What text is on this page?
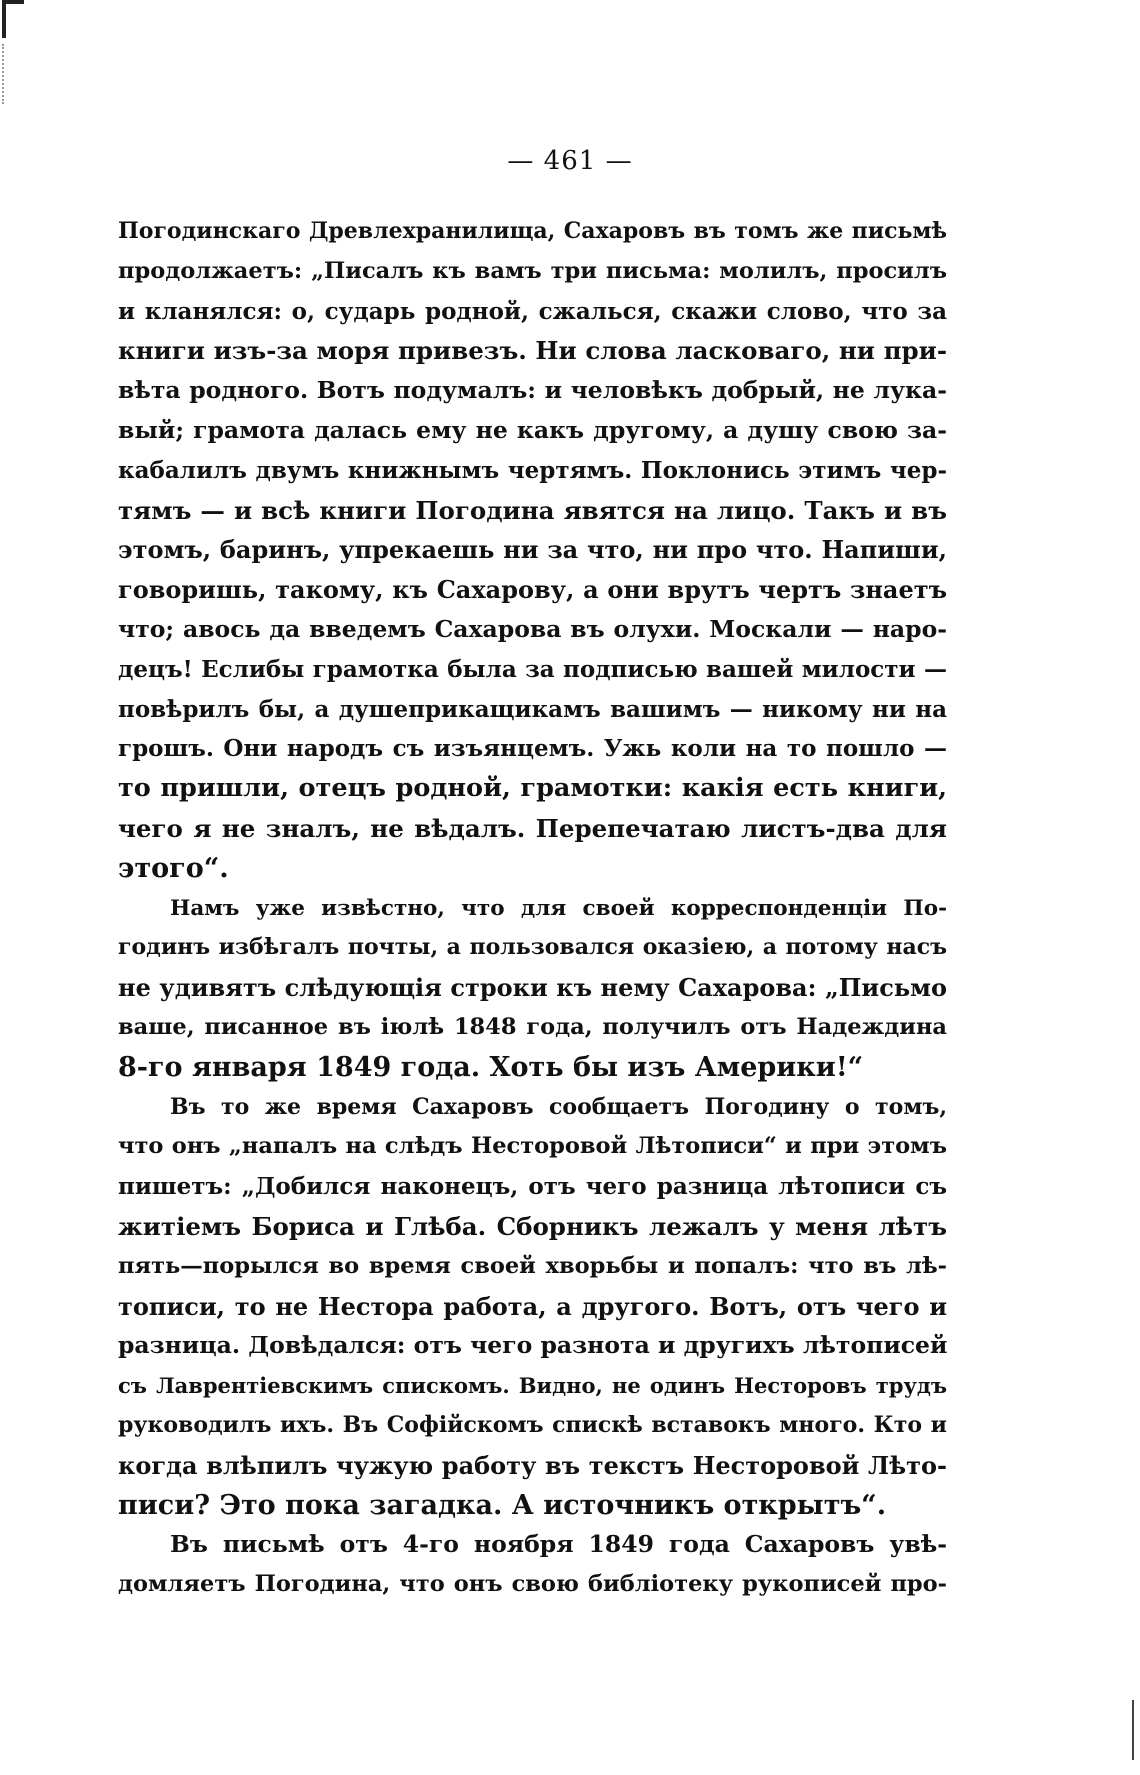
— 461 —
Погодинскаго Древлехранилища, Сахаровъ въ томъ же письмѣ
продолжаетъ: „Писалъ къ вамъ три письма: молилъ, просилъ
и кланялся: о, сударь родной, сжалься, скажи слово, что за
книги изъ-за моря привезъ. Ни слова ласковаго, ни при-
вѣта родного. Вотъ подумалъ: и человѣкъ добрый, не лука-
вый; грамота далась ему не какъ другому, а душу свою за-
кабалилъ двумъ книжнымъ чертямъ. Поклонись этимъ чер-
тямъ — и всѣ книги Погодина явятся на лицо. Такъ и въ
этомъ, баринъ, упрекаешь ни за что, ни про что. Напиши,
говоришь, такому, къ Сахарову, а они врутъ чертъ знаетъ
что; авось да введемъ Сахарова въ олухи. Москали — наро-
децъ! Еслибы грамотка была за подписью вашей милости —
повѣрилъ бы, а душеприкащикамъ вашимъ — никому ни на
грошъ. Они народъ съ изъянцемъ. Ужь коли на то пошло —
то пришли, отецъ родной, грамотки: какія есть книги,
чего я не зналъ, не вѣдалъ. Перепечатаю листъ-два для
этого“.
Намъ уже извѣстно, что для своей корреспонденціи По-
годинъ избѣгалъ почты, а пользовался оказіею, а потому насъ
не удивятъ слѣдующія строки къ нему Сахарова: „Письмо
ваше, писанное въ іюлѣ 1848 года, получилъ отъ Надеждина
8-го января 1849 года. Хоть бы изъ Америки!“
Въ то же время Сахаровъ сообщаетъ Погодину о томъ,
что онъ „напалъ на слѣдъ Несторовой Лѣтописи“ и при этомъ
пишетъ: „Добился наконецъ, отъ чего разница лѣтописи съ
житіемъ Бориса и Глѣба. Сборникъ лежалъ у меня лѣтъ
пять—порылся во время своей хворьбы и попалъ: что въ лѣ-
тописи, то не Нестора работа, а другого. Вотъ, отъ чего и
разница. Довѣдался: отъ чего разнота и другихъ лѣтописей
съ Лаврентіевскимъ спискомъ. Видно, не одинъ Несторовъ трудъ
руководилъ ихъ. Въ Софійскомъ спискѣ вставокъ много. Кто и
когда влѣпилъ чужую работу въ текстъ Несторовой Лѣто-
писи? Это пока загадка. А источникъ открытъ“.
Въ письмѣ отъ 4-го ноября 1849 года Сахаровъ увѣ-
домляетъ Погодина, что онъ свою библіотеку рукописей про-
